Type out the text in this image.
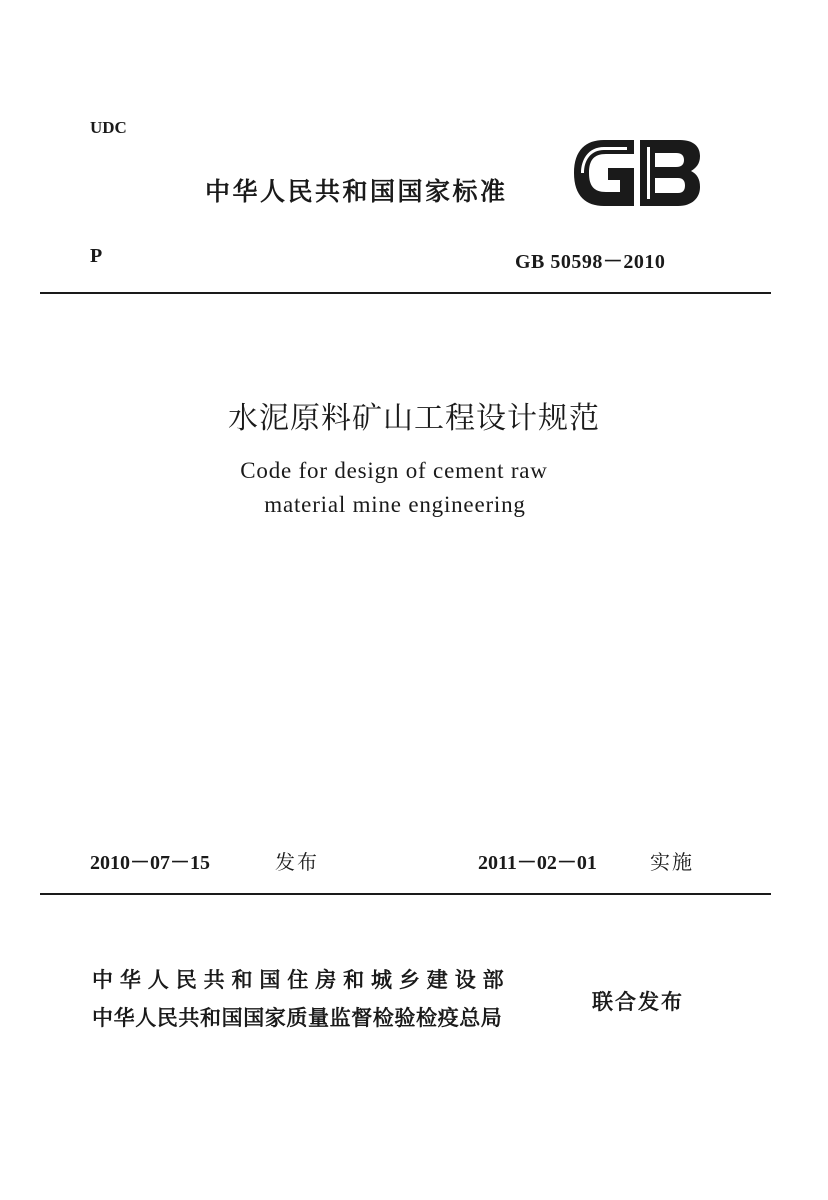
UDC
中华人民共和国国家标准
P	GB 50598－2010
水泥原料矿山工程设计规范
Code for design of cement raw
material mine engineering
2010－07－15	发布	2011－02－01	实施
中华人民共和国住房和城乡建设部
中华人民共和国国家质量监督检验检疫总局
联合发布
